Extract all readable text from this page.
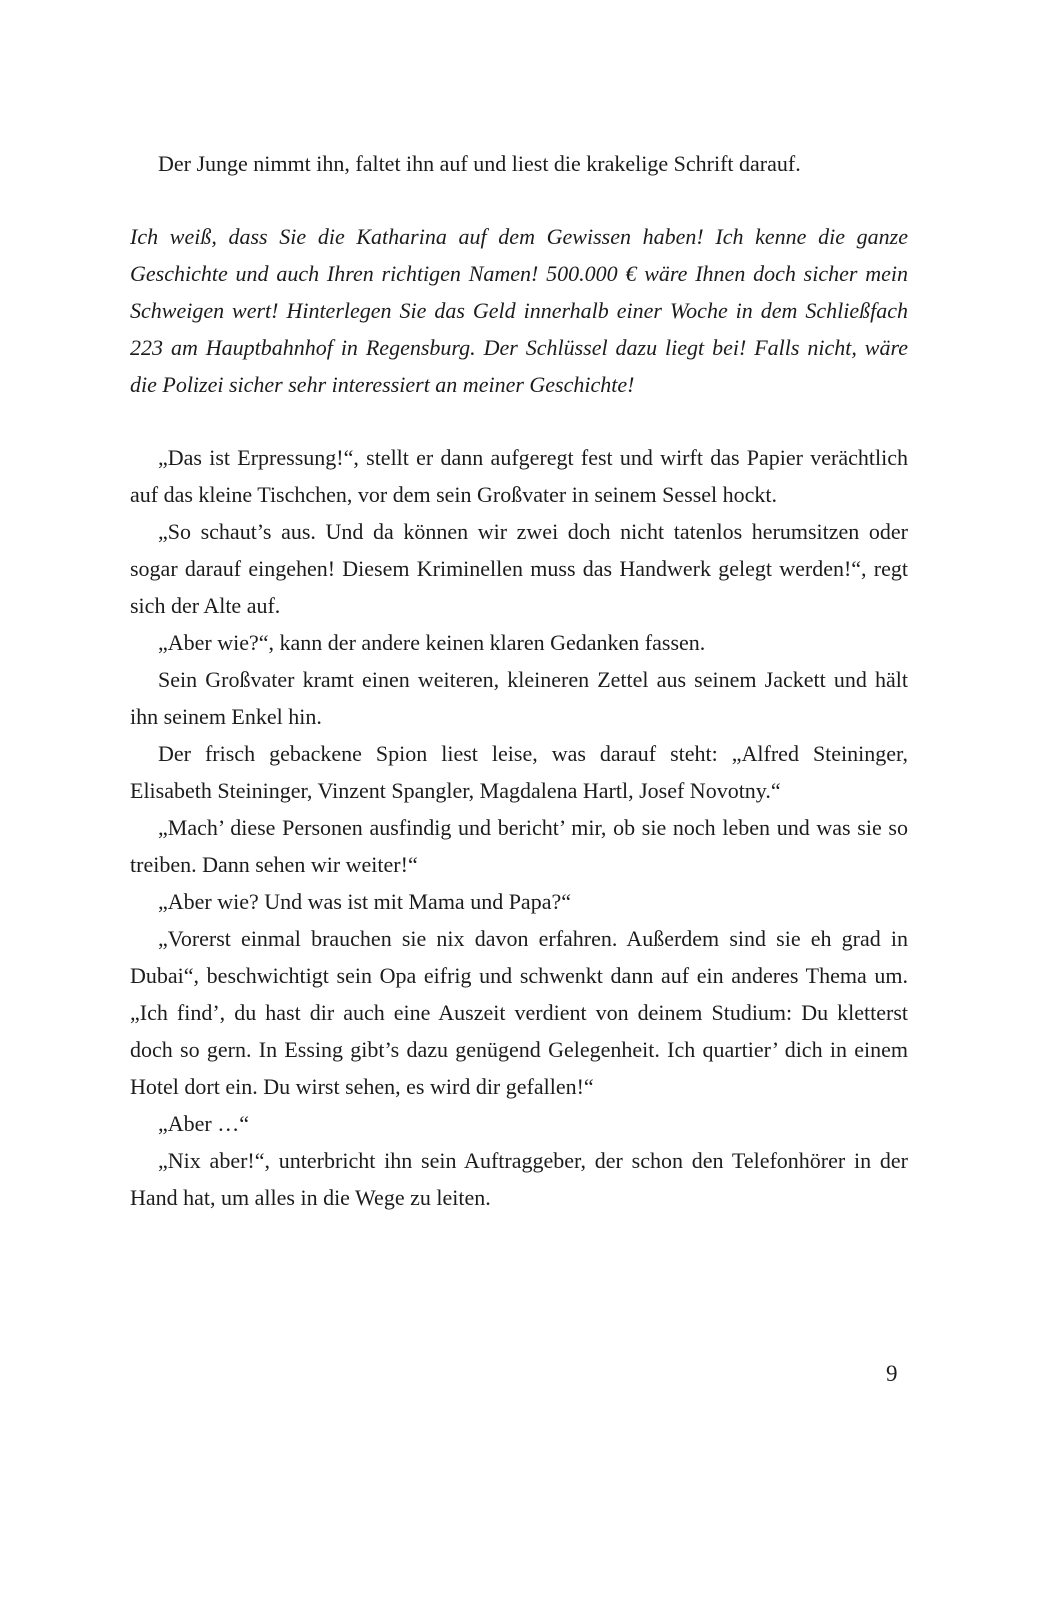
Der Junge nimmt ihn, faltet ihn auf und liest die krakelige Schrift darauf.

Ich weiß, dass Sie die Katharina auf dem Gewissen haben! Ich kenne die ganze Geschichte und auch Ihren richtigen Namen! 500.000 € wäre Ihnen doch sicher mein Schweigen wert! Hinterlegen Sie das Geld innerhalb einer Woche in dem Schließfach 223 am Hauptbahnhof in Regensburg. Der Schlüssel dazu liegt bei! Falls nicht, wäre die Polizei sicher sehr interessiert an meiner Geschichte!

„Das ist Erpressung!“, stellt er dann aufgeregt fest und wirft das Papier verächtlich auf das kleine Tischchen, vor dem sein Großvater in seinem Sessel hockt.

„So schaut’s aus. Und da können wir zwei doch nicht tatenlos herumsitzen oder sogar darauf eingehen! Diesem Kriminellen muss das Handwerk gelegt werden!“, regt sich der Alte auf.

„Aber wie?“, kann der andere keinen klaren Gedanken fassen.

Sein Großvater kramt einen weiteren, kleineren Zettel aus seinem Jackett und hält ihn seinem Enkel hin.

Der frisch gebackene Spion liest leise, was darauf steht: „Alfred Steininger, Elisabeth Steininger, Vinzent Spangler, Magdalena Hartl, Josef Novotny.“

„Mach’ diese Personen ausfindig und bericht’ mir, ob sie noch leben und was sie so treiben. Dann sehen wir weiter!“

„Aber wie? Und was ist mit Mama und Papa?“

„Vorerst einmal brauchen sie nix davon erfahren. Außerdem sind sie eh grad in Dubai“, beschwichtigt sein Opa eifrig und schwenkt dann auf ein anderes Thema um. „Ich find’, du hast dir auch eine Auszeit verdient von deinem Studium: Du kletterst doch so gern. In Essing gibt’s dazu genügend Gelegenheit. Ich quartier’ dich in einem Hotel dort ein. Du wirst sehen, es wird dir gefallen!“

„Aber …“

„Nix aber!“, unterbricht ihn sein Auftraggeber, der schon den Telefonhörer in der Hand hat, um alles in die Wege zu leiten.

9
